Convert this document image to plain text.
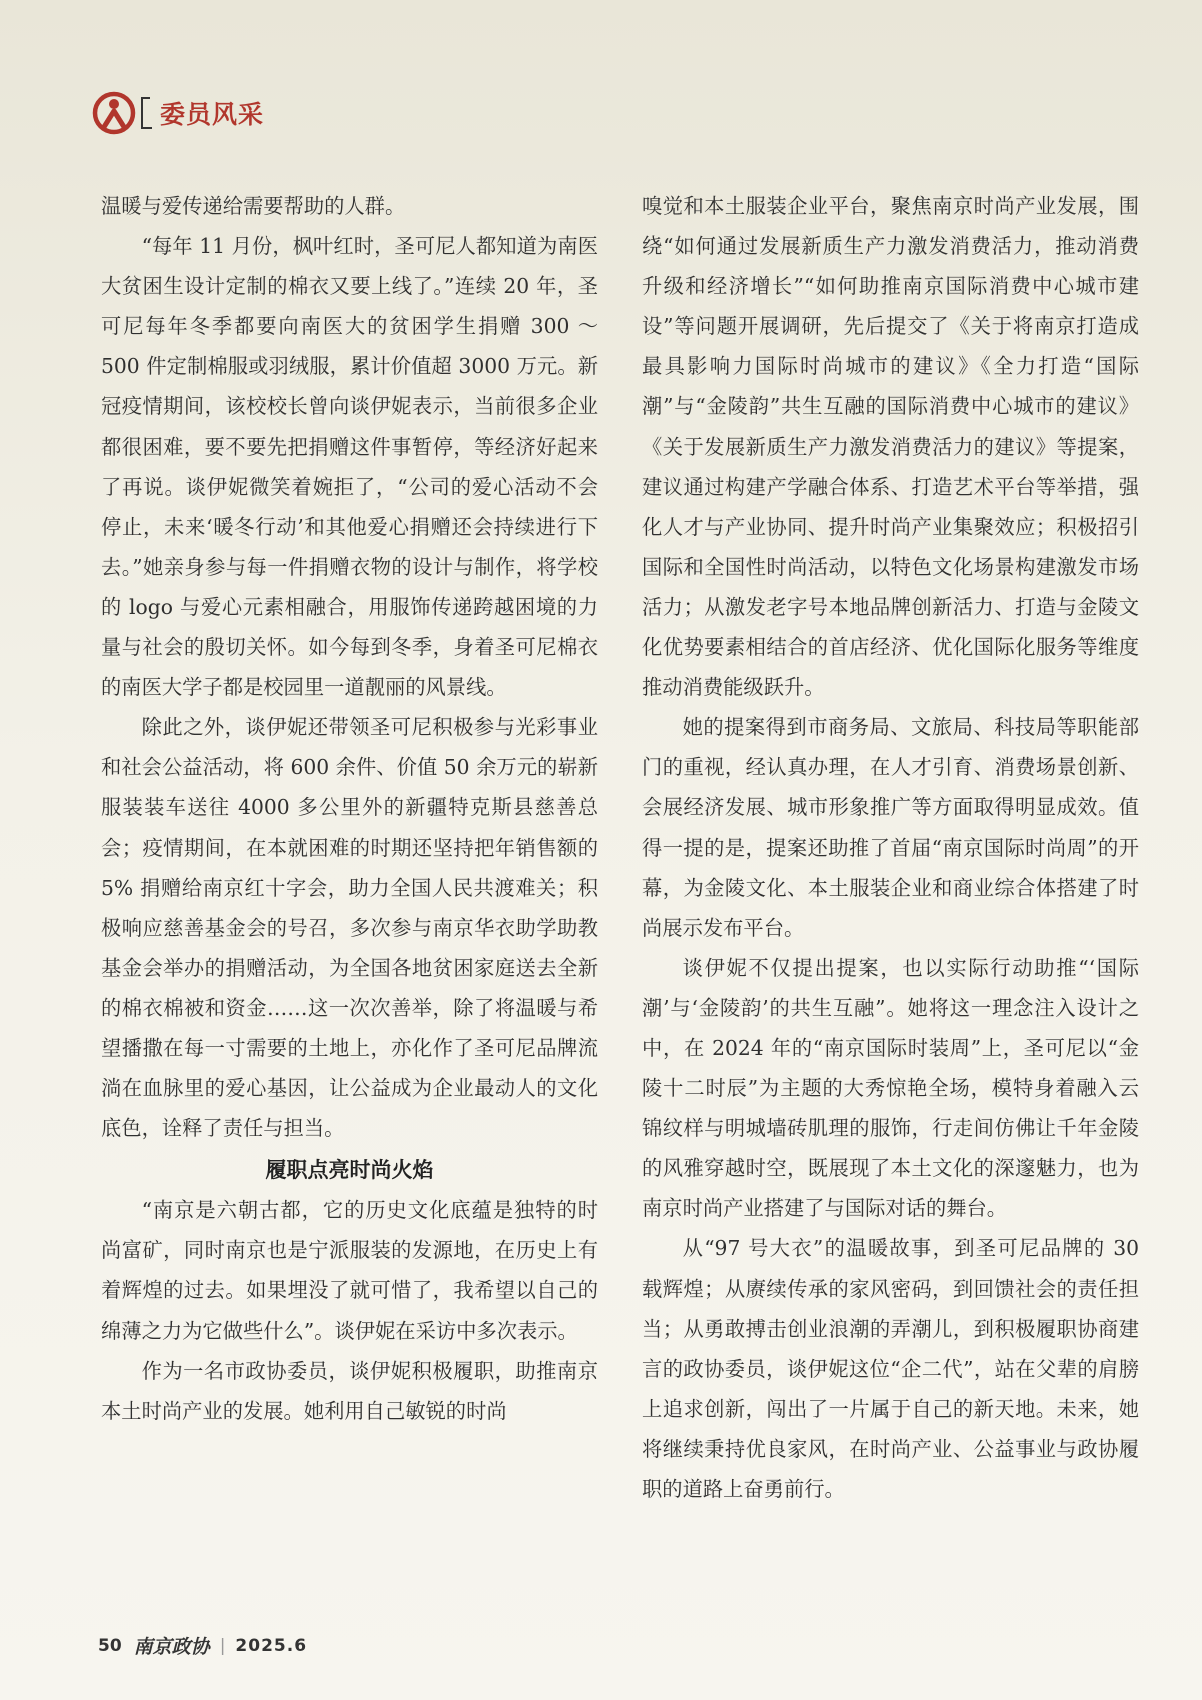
委员风采

温暖与爱传递给需要帮助的人群。

“每年 11 月份，枫叶红时，圣可尼人都知道为南医大贫困生设计定制的棉衣又要上线了。”连续 20 年，圣可尼每年冬季都要向南医大的贫困学生捐赠 300 ～ 500 件定制棉服或羽绒服，累计价值超 3000 万元。新冠疫情期间，该校校长曾向谈伊妮表示，当前很多企业都很困难，要不要先把捐赠这件事暂停，等经济好起来了再说。谈伊妮微笑着婉拒了，“公司的爱心活动不会停止，未来‘暖冬行动’和其他爱心捐赠还会持续进行下去。”她亲身参与每一件捐赠衣物的设计与制作，将学校的 logo 与爱心元素相融合，用服饰传递跨越困境的力量与社会的殷切关怀。如今每到冬季，身着圣可尼棉衣的南医大学子都是校园里一道靓丽的风景线。

除此之外，谈伊妮还带领圣可尼积极参与光彩事业和社会公益活动，将 600 余件、价值 50 余万元的崭新服装装车送往 4000 多公里外的新疆特克斯县慈善总会；疫情期间，在本就困难的时期还坚持把年销售额的 5% 捐赠给南京红十字会，助力全国人民共渡难关；积极响应慈善基金会的号召，多次参与南京华衣助学助教基金会举办的捐赠活动，为全国各地贫困家庭送去全新的棉衣棉被和资金……这一次次善举，除了将温暖与希望播撒在每一寸需要的土地上，亦化作了圣可尼品牌流淌在血脉里的爱心基因，让公益成为企业最动人的文化底色，诠释了责任与担当。

履职点亮时尚火焰

“南京是六朝古都，它的历史文化底蕴是独特的时尚富矿，同时南京也是宁派服装的发源地，在历史上有着辉煌的过去。如果埋没了就可惜了，我希望以自己的绵薄之力为它做些什么”。谈伊妮在采访中多次表示。

作为一名市政协委员，谈伊妮积极履职，助推南京本土时尚产业的发展。她利用自己敏锐的时尚

嗅觉和本土服装企业平台，聚焦南京时尚产业发展，围绕“如何通过发展新质生产力激发消费活力，推动消费升级和经济增长”“如何助推南京国际消费中心城市建设”等问题开展调研，先后提交了《关于将南京打造成最具影响力国际时尚城市的建议》《全力打造“国际潮”与“金陵韵”共生互融的国际消费中心城市的建议》《关于发展新质生产力激发消费活力的建议》等提案，建议通过构建产学融合体系、打造艺术平台等举措，强化人才与产业协同、提升时尚产业集聚效应；积极招引国际和全国性时尚活动，以特色文化场景构建激发市场活力；从激发老字号本地品牌创新活力、打造与金陵文化优势要素相结合的首店经济、优化国际化服务等维度推动消费能级跃升。

她的提案得到市商务局、文旅局、科技局等职能部门的重视，经认真办理，在人才引育、消费场景创新、会展经济发展、城市形象推广等方面取得明显成效。值得一提的是，提案还助推了首届“南京国际时尚周”的开幕，为金陵文化、本土服装企业和商业综合体搭建了时尚展示发布平台。

谈伊妮不仅提出提案，也以实际行动助推“‘国际潮’与‘金陵韵’的共生互融”。她将这一理念注入设计之中，在 2024 年的“南京国际时装周”上，圣可尼以“金陵十二时辰”为主题的大秀惊艳全场，模特身着融入云锦纹样与明城墙砖肌理的服饰，行走间仿佛让千年金陵的风雅穿越时空，既展现了本土文化的深邃魅力，也为南京时尚产业搭建了与国际对话的舞台。

从“97 号大衣”的温暖故事，到圣可尼品牌的 30 载辉煌；从赓续传承的家风密码，到回馈社会的责任担当；从勇敢搏击创业浪潮的弄潮儿，到积极履职协商建言的政协委员，谈伊妮这位“企二代”，站在父辈的肩膀上追求创新，闯出了一片属于自己的新天地。未来，她将继续秉持优良家风，在时尚产业、公益事业与政协履职的道路上奋勇前行。

50 南京政协 | 2025.6
